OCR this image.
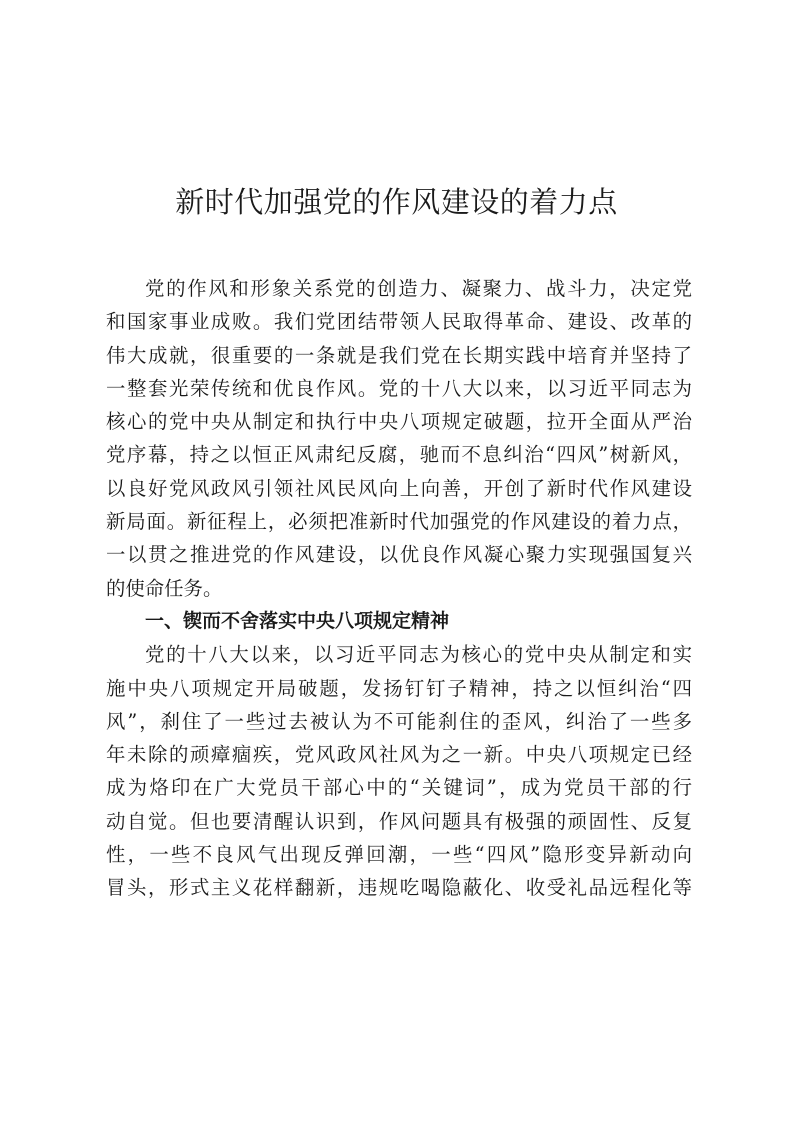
新时代加强党的作风建设的着力点
党的作风和形象关系党的创造力、凝聚力、战斗力，决定党
和国家事业成败。我们党团结带领人民取得革命、建设、改革的
伟大成就，很重要的一条就是我们党在长期实践中培育并坚持了
一整套光荣传统和优良作风。党的十八大以来，以习近平同志为
核心的党中央从制定和执行中央八项规定破题，拉开全面从严治
党序幕，持之以恒正风肃纪反腐，驰而不息纠治“四风”树新风，
以良好党风政风引领社风民风向上向善，开创了新时代作风建设
新局面。新征程上，必须把准新时代加强党的作风建设的着力点，
一以贯之推进党的作风建设，以优良作风凝心聚力实现强国复兴
的使命任务。
一、锲而不舍落实中央八项规定精神
党的十八大以来，以习近平同志为核心的党中央从制定和实
施中央八项规定开局破题，发扬钉钉子精神，持之以恒纠治“四
风”，刹住了一些过去被认为不可能刹住的歪风，纠治了一些多
年未除的顽瘴痼疾，党风政风社风为之一新。中央八项规定已经
成为烙印在广大党员干部心中的“关键词”，成为党员干部的行
动自觉。但也要清醒认识到，作风问题具有极强的顽固性、反复
性，一些不良风气出现反弹回潮，一些“四风”隐形变异新动向
冒头，形式主义花样翻新，违规吃喝隐蔽化、收受礼品远程化等
